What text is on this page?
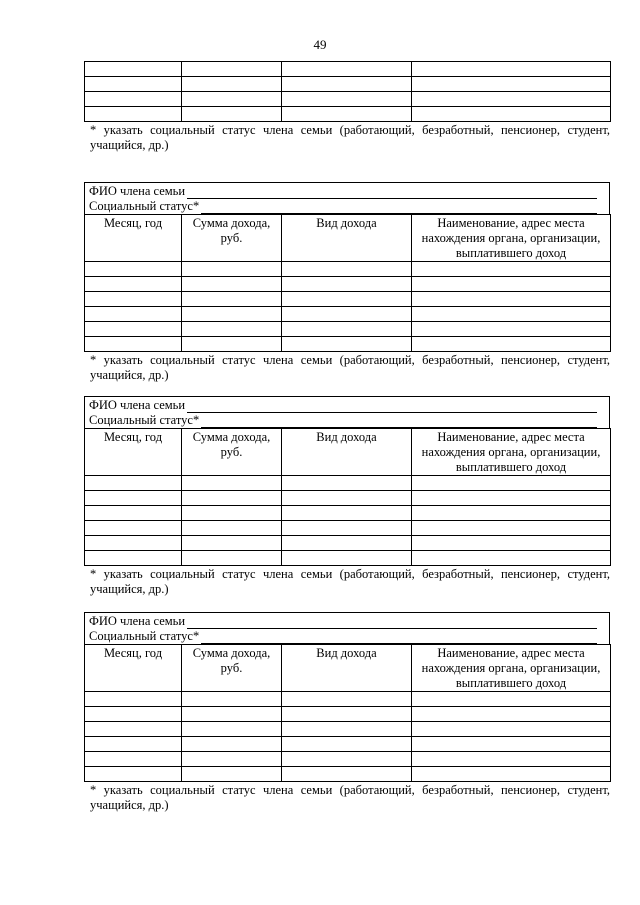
49

* указать социальный статус члена семьи (работающий, безработный, пенсионер, студент, учащийся, др.)
ФИО члена семьи
Социальный статус*
Месяц, год	Сумма дохода, руб.	Вид дохода	Наименование, адрес места нахождения органа, организации, выплатившего доход

* указать социальный статус члена семьи (работающий, безработный, пенсионер, студент, учащийся, др.)
ФИО члена семьи
Социальный статус*
Месяц, год	Сумма дохода, руб.	Вид дохода	Наименование, адрес места нахождения органа, организации, выплатившего доход

* указать социальный статус члена семьи (работающий, безработный, пенсионер, студент, учащийся, др.)
ФИО члена семьи
Социальный статус*
Месяц, год	Сумма дохода, руб.	Вид дохода	Наименование, адрес места нахождения органа, организации, выплатившего доход

* указать социальный статус члена семьи (работающий, безработный, пенсионер, студент, учащийся, др.)
